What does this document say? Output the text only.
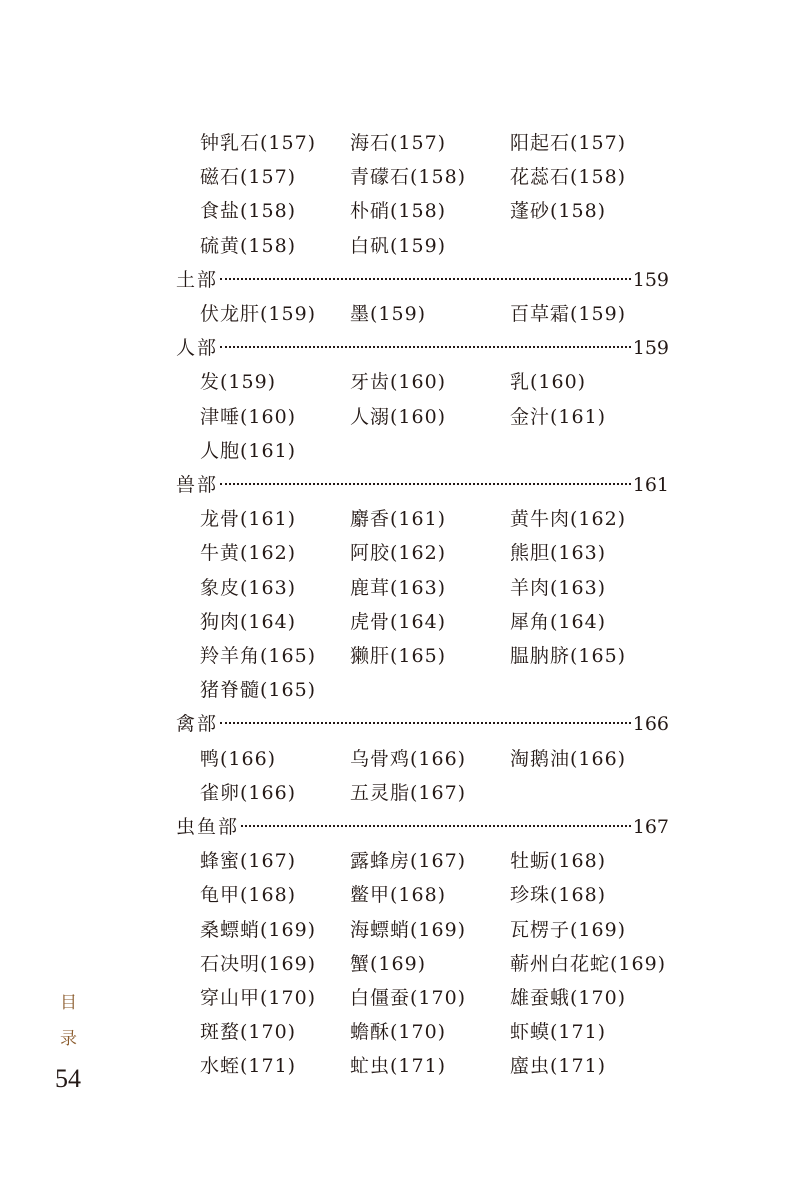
钟乳石(157) 海石(157)	阳起石(157)
磁石(157)	青礞石(158) 花蕊石(158)
食盐(158)	朴硝(158)	蓬砂(158)
硫黄(158)	白矾(159)
土部	159
伏龙肝(159) 墨(159)	百草霜(159)
人部	159
发(159)	牙齿(160)	乳(160)
津唾(160)	人溺(160)	金汁(161)
人胞(161)
兽部	161
龙骨(161)	麝香(161)	黄牛肉(162)
牛黄(162)	阿胶(162)	熊胆(163)
象皮(163)	鹿茸(163)	羊肉(163)
狗肉(164)	虎骨(164)	犀角(164)
羚羊角(165) 獭肝(165)	腽肭脐(165)
猪脊髓(165)
禽部	166
鸭(166)	乌骨鸡(166) 淘鹅油(166)
雀卵(166)	五灵脂(167)
虫鱼部	167
蜂蜜(167)	露蜂房(167) 牡蛎(168)
龟甲(168)	鳖甲(168)	珍珠(168)
桑螵蛸(169) 海螵蛸(169) 瓦楞子(169)
石决明(169) 蟹(169)	蕲州白花蛇(169)
穿山甲(170) 白僵蚕(170) 雄蚕蛾(170)
斑蝥(170)	蟾酥(170)	虾蟆(171)
水蛭(171)	虻虫(171)	䗪虫(171)
目
录
54
